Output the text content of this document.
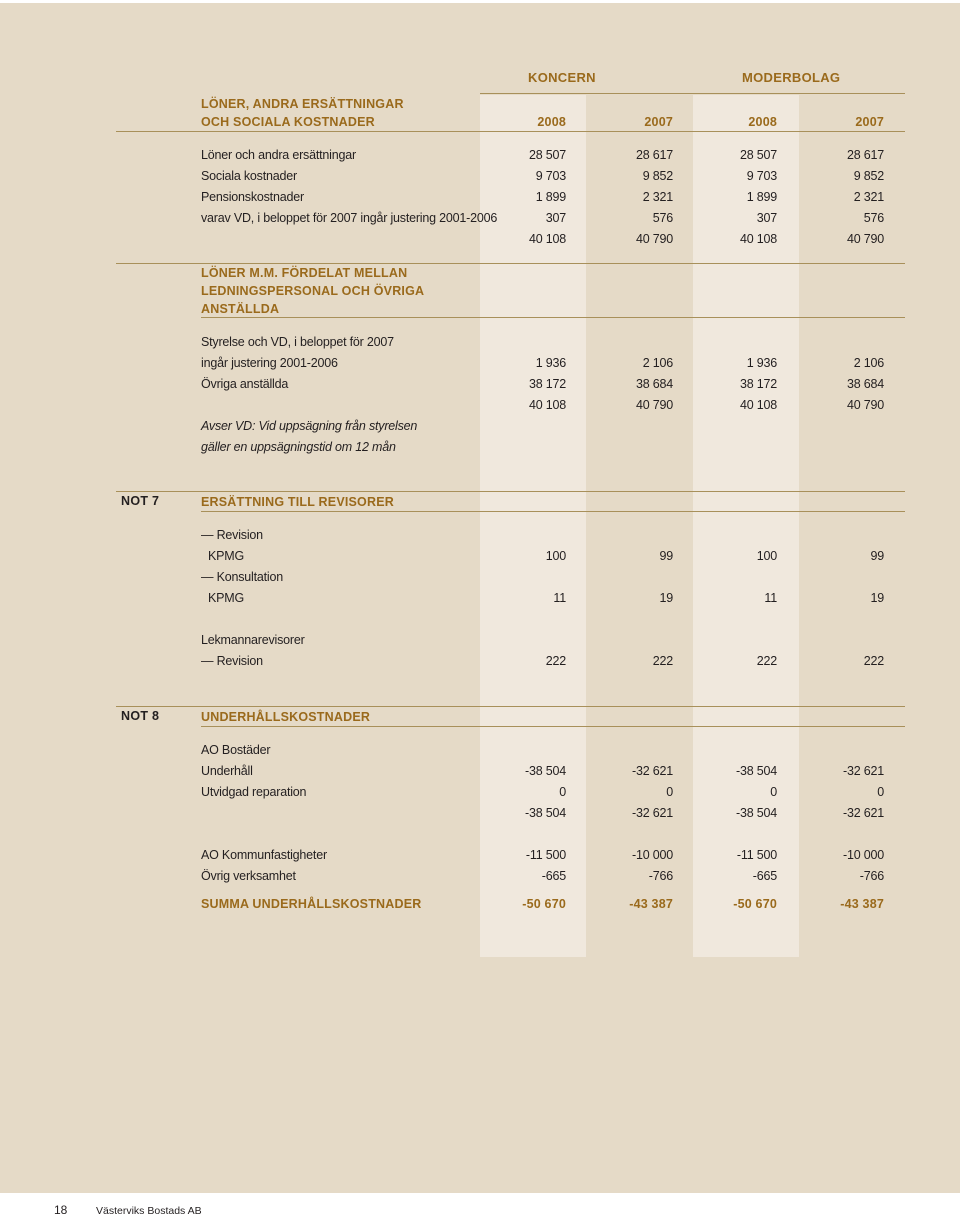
KONCERN	MODERBOLAG
LÖNER, ANDRA ERSÄTTNINGAR
OCH SOCIALA KOSTNADER	2008	2007	2008	2007
Löner och andra ersättningar	28 507	28 617	28 507	28 617
Sociala kostnader	9 703	9 852	9 703	9 852
Pensionskostnader	1 899	2 321	1 899	2 321
varav VD, i beloppet för 2007 ingår justering 2001-2006	307	576	307	576
40 108	40 790	40 108	40 790
LÖNER M.M. FÖRDELAT MELLAN
LEDNINGSPERSONAL OCH ÖVRIGA
ANSTÄLLDA
Styrelse och VD, i beloppet för 2007
ingår justering 2001-2006	1 936	2 106	1 936	2 106
Övriga anställda	38 172	38 684	38 172	38 684
40 108	40 790	40 108	40 790
Avser VD: Vid uppsägning från styrelsen
gäller en uppsägningstid om 12 mån
NOT 7	ERSÄTTNING TILL REVISORER
— Revision
KPMG	100	99	100	99
— Konsultation
KPMG	11	19	11	19
Lekmannarevisorer
— Revision	222	222	222	222
NOT 8	UNDERHÅLLSKOSTNADER
AO Bostäder
Underhåll	-38 504	-32 621	-38 504	-32 621
Utvidgad reparation	0	0	0	0
-38 504	-32 621	-38 504	-32 621
AO Kommunfastigheter	-11 500	-10 000	-11 500	-10 000
Övrig verksamhet	-665	-766	-665	-766
SUMMA UNDERHÅLLSKOSTNADER	-50 670	-43 387	-50 670	-43 387
18	Västerviks Bostads AB
